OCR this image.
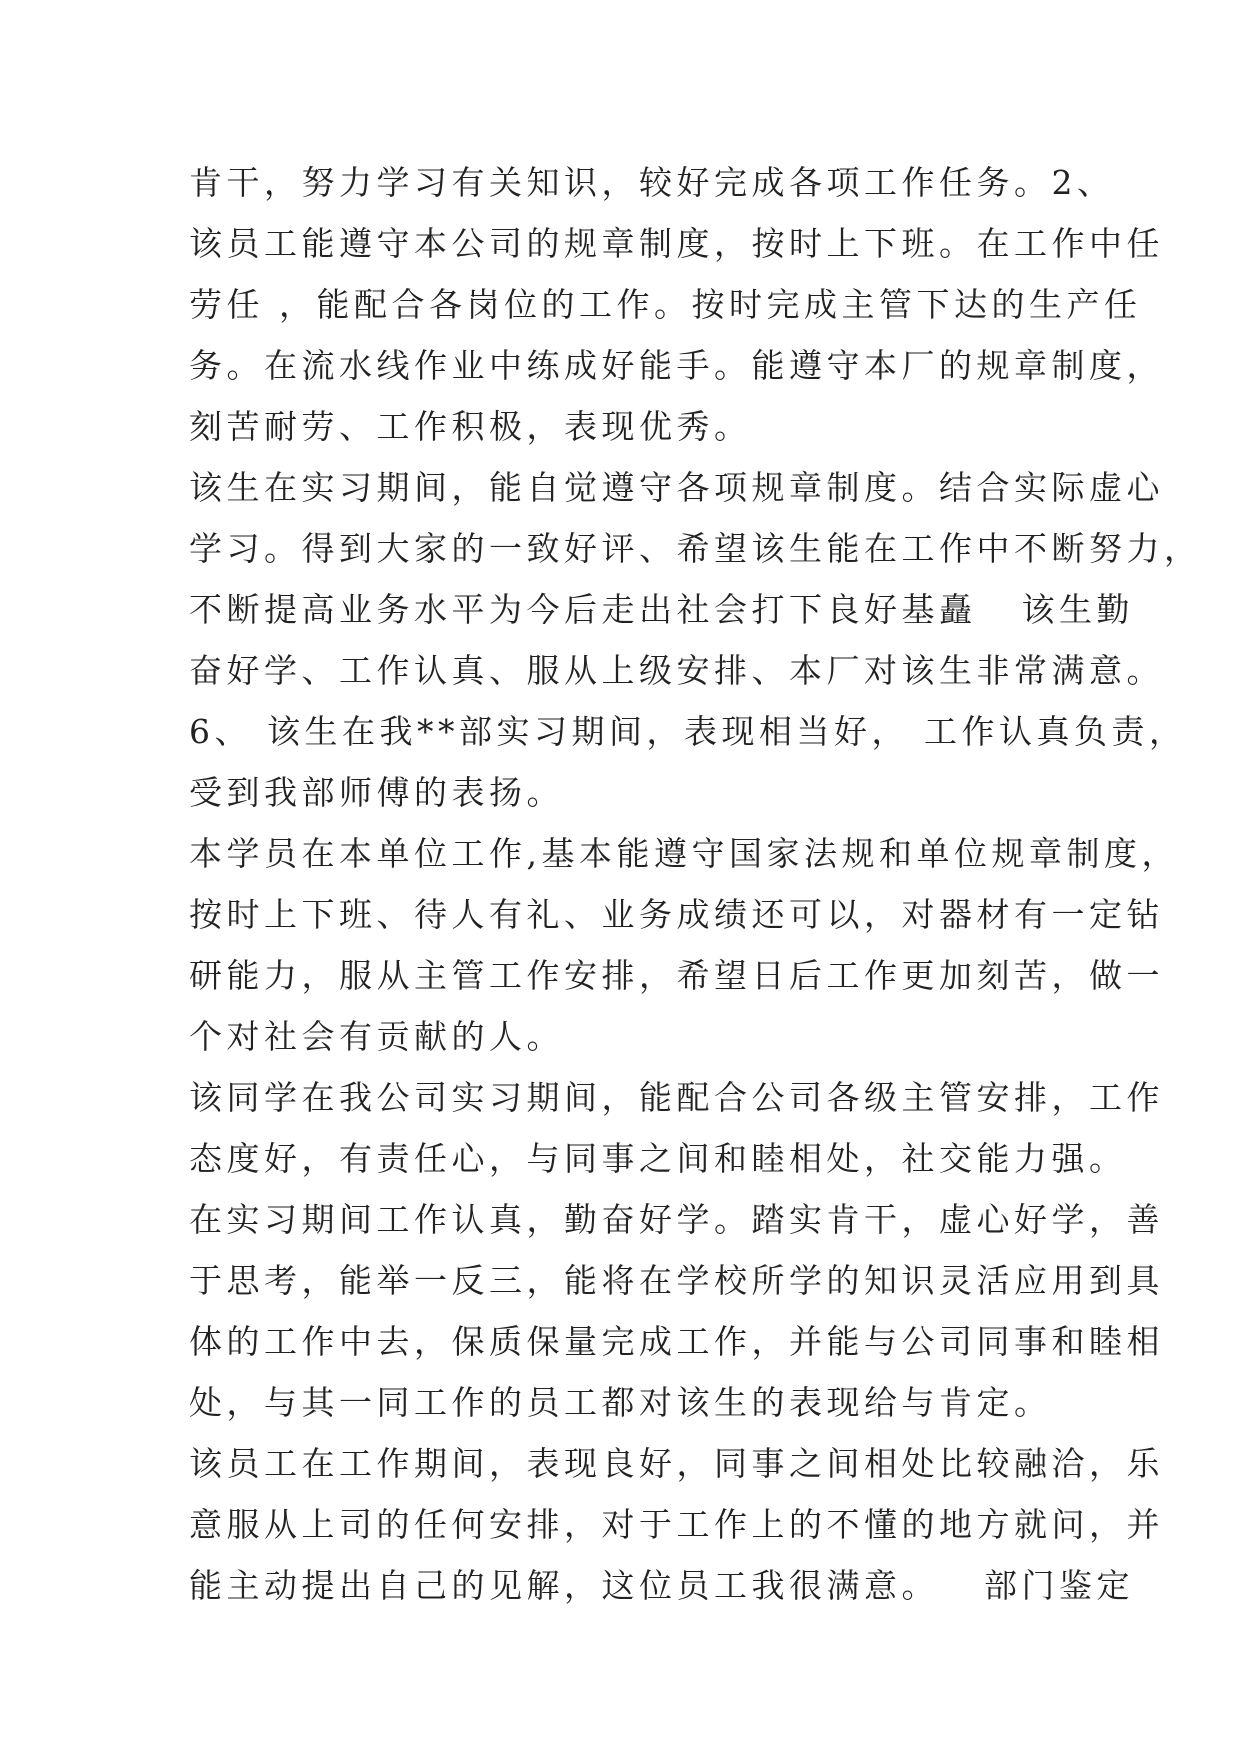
肯干，努力学习有关知识，较好完成各项工作任务。2、
该员工能遵守本公司的规章制度，按时上下班。在工作中任
劳任 ，能配合各岗位的工作。按时完成主管下达的生产任
务。在流水线作业中练成好能手。能遵守本厂的规章制度，
刻苦耐劳、工作积极，表现优秀。
该生在实习期间，能自觉遵守各项规章制度。结合实际虚心
学习。得到大家的一致好评、希望该生能在工作中不断努力，
不断提高业务水平为今后走出社会打下良好基矗   该生勤
奋好学、工作认真、服从上级安排、本厂对该生非常满意。
6、 该生在我**部实习期间，表现相当好， 工作认真负责，
受到我部师傅的表扬。
本学员在本单位工作,基本能遵守国家法规和单位规章制度，
按时上下班、待人有礼、业务成绩还可以，对器材有一定钻
研能力，服从主管工作安排，希望日后工作更加刻苦，做一
个对社会有贡献的人。
该同学在我公司实习期间，能配合公司各级主管安排，工作
态度好，有责任心，与同事之间和睦相处，社交能力强。
在实习期间工作认真，勤奋好学。踏实肯干，虚心好学，善
于思考，能举一反三，能将在学校所学的知识灵活应用到具
体的工作中去，保质保量完成工作，并能与公司同事和睦相
处，与其一同工作的员工都对该生的表现给与肯定。
该员工在工作期间，表现良好，同事之间相处比较融洽，乐
意服从上司的任何安排，对于工作上的不懂的地方就问，并
能主动提出自己的见解，这位员工我很满意。   部门鉴定
